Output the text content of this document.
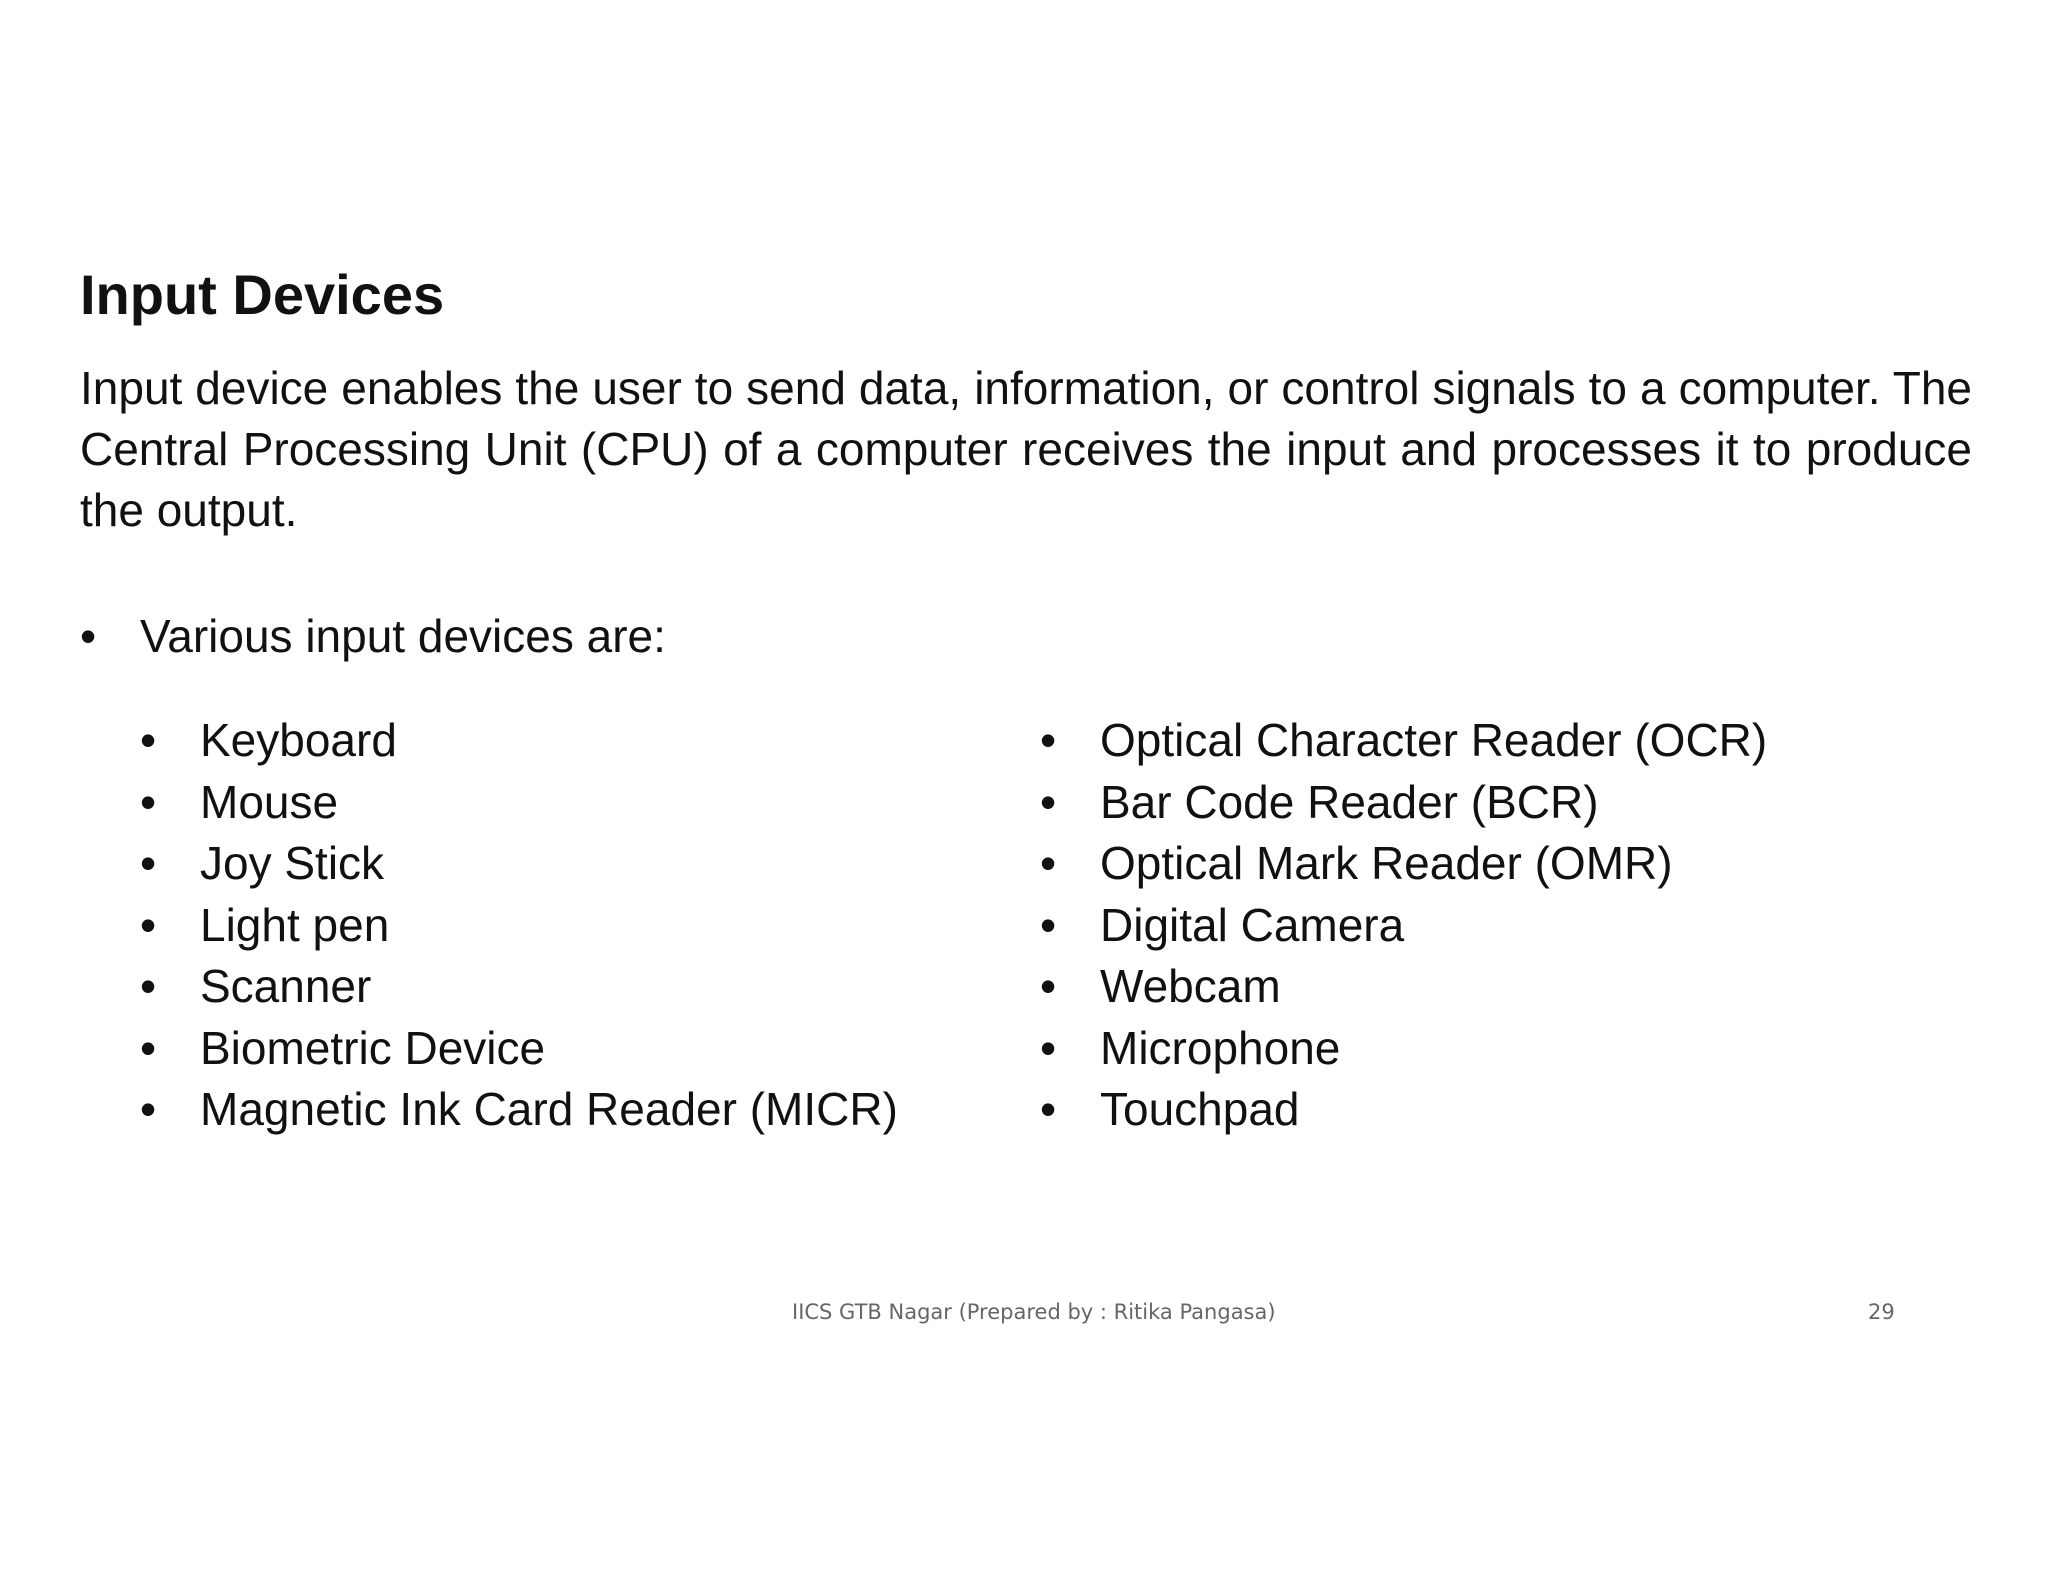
Input Devices

Input device enables the user to send data, information, or control signals to a computer. The Central Processing Unit (CPU) of a computer receives the input and processes it to produce the output.

• Various input devices are:

• Keyboard
• Mouse
• Joy Stick
• Light pen
• Scanner
• Biometric Device
• Magnetic Ink Card Reader (MICR)
• Optical Character Reader (OCR)
• Bar Code Reader (BCR)
• Optical Mark Reader (OMR)
• Digital Camera
• Webcam
• Microphone
• Touchpad
IICS GTB Nagar (Prepared by : Ritika Pangasa)	29
